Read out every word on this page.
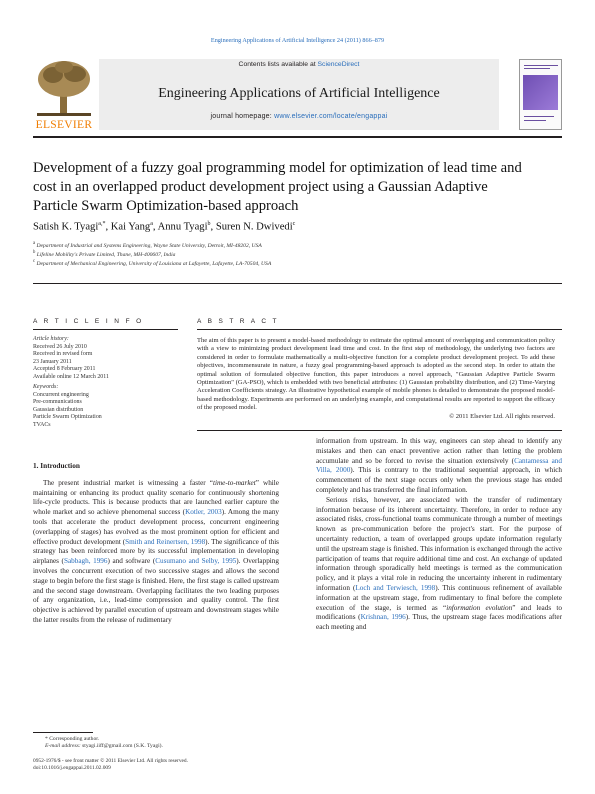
Engineering Applications of Artificial Intelligence 24 (2011) 866–879
ELSEVIER
Contents lists available at ScienceDirect
Engineering Applications of Artificial Intelligence
journal homepage: www.elsevier.com/locate/engappai
Development of a fuzzy goal programming model for optimization of lead time and cost in an overlapped product development project using a Gaussian Adaptive Particle Swarm Optimization-based approach
Satish K. Tyagi$^{a,*}$, Kai Yang$^a$, Annu Tyagi$^b$, Suren N. Dwivedi$^c$
$^a$ Department of Industrial and Systems Engineering, Wayne State University, Detroit, MI-48202, USA
$^b$ Lifeline Mobility's Private Limited, Thane, MH-400607, India
$^c$ Department of Mechanical Engineering, University of Louisiana at Lafayette, Lafayette, LA-70504, USA
A R T I C L E I N F O
Article history:
Received 26 July 2010
Received in revised form
23 January 2011
Accepted 8 February 2011
Available online 12 March 2011
Keywords:
Concurrent engineering
Pre-communications
Gaussian distribution
Particle Swarm Optimization
TVACs
A B S T R A C T
The aim of this paper is to present a model-based methodology to estimate the optimal amount of overlapping and communication policy with a view to minimizing product development lead time and cost. In the first step of methodology, the underlying two factors are considered in order to formulate mathematically a multi-objective function for a complete product development project. To add these objectives, incommensurate in nature, a fuzzy goal programming-based approach is adopted as the second step. In order to attain the optimal solution of formulated objective function, this paper introduces a novel approach, "Gaussian Adaptive Particle Swarm Optimization" (GA-PSO), which is embedded with two beneficial attributes: (1) Gaussian probability distribution, and (2) Time-Varying Acceleration Coefficients strategy. An illustrative hypothetical example of mobile phones is detailed to demonstrate the proposed model-based methodology. Experiments are performed on an underlying example, and computational results are reported to support the efficacy of the proposed model.
© 2011 Elsevier Ltd. All rights reserved.
1. Introduction

The present industrial market is witnessing a faster “time-to-market” while maintaining or enhancing its product quality scenario for continuously shortening life-cycle products. This is because products that are launched earlier capture the whole market and so achieve phenomenal success (Kotler, 2003). Among the many tools that accelerate the product development process, concurrent engineering (overlapping of stages) has evolved as the most prominent option for efficient and effective product development (Smith and Reinertsen, 1998). The significance of this strategy has been reinforced more by its successful implementation in developing airplanes (Sabbagh, 1996) and software (Cusumano and Selby, 1995). Overlapping involves the concurrent execution of two successive stages and allows the second stage to begin before the first stage is finished. Here, the first stage is called upstream and the second stage downstream. Overlapping facilitates the two leading purposes of any organization, i.e., lead-time compression and quality control. The first objective is achieved by parallel execution of upstream and downstream stages while the latter results from the release of rudimentary

information from upstream. In this way, engineers can step ahead to identify any mistakes and then can enact preventive action rather than letting the problem accumulate and so be forced to revise the situation extensively (Cantamessa and Villa, 2000). This is contrary to the traditional sequential approach, in which commencement of the next stage occurs only when the previous stage has ended completely and has transferred the final information.

Serious risks, however, are associated with the transfer of rudimentary information because of its inherent uncertainty. Therefore, in order to reduce any associated risks, cross-functional teams communicate through a number of meetings known as pre-communication before the project's start. For the purpose of uncertainty reduction, a team of overlapped groups update information regularly until the upstream stage is finished. This information is exchanged through the active participation of teams that require additional time and cost. An exchange of updated information through sporadically held meetings is termed as the communication policy, and it plays a vital role in reducing the uncertainty inherent in rudimentary information (Loch and Terwiesch, 1998). This continuous refinement of available information at the upstream stage, from rudimentary to final before the complete execution of the stage, is termed as “information evolution” and leads to modifications (Krishnan, 1996). Thus, the upstream stage faces modifications after each meeting and

* Corresponding author.
E-mail address: styagi.iiff@gmail.com (S.K. Tyagi).
0952-1976/$ - see front matter © 2011 Elsevier Ltd. All rights reserved.
doi:10.1016/j.engappai.2011.02.009
